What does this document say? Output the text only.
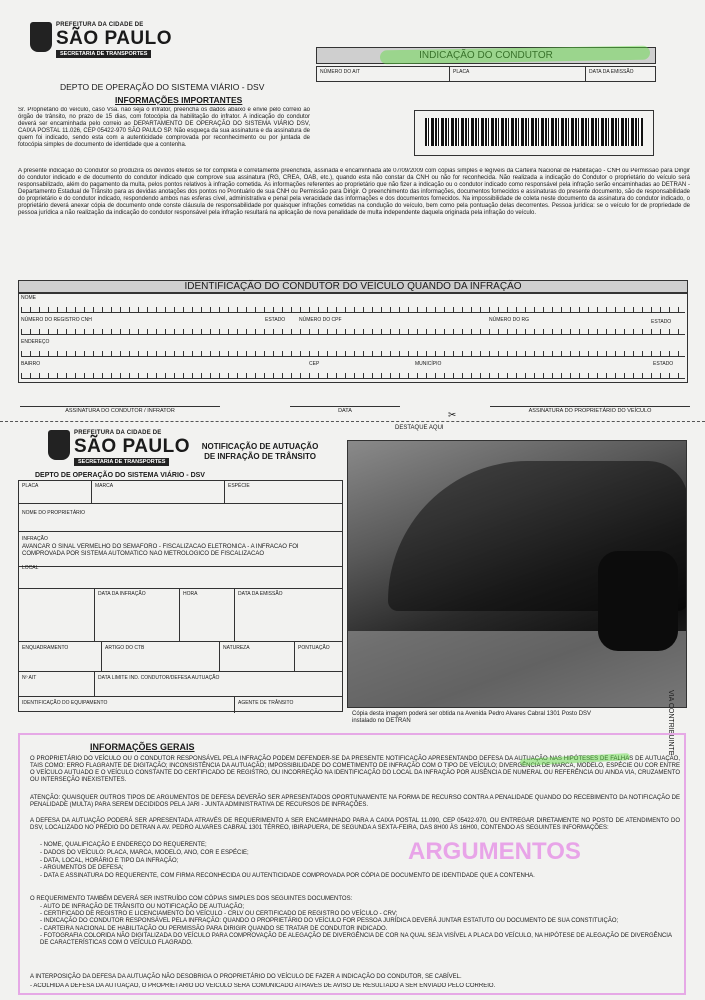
PREFEITURA DA CIDADE DE
SÃO PAULO
SECRETARIA DE TRANSPORTES
DEPTO DE OPERAÇÃO DO SISTEMA VIÁRIO - DSV
INFORMAÇÕES IMPORTANTES
Sr. Proprietário do veículo, caso Vsa. não seja o infrator, preencha os dados abaixo e envie pelo correio ao órgão de trânsito, no prazo de 15 dias, com fotocópia da habilitação do infrator. A indicação do condutor deverá ser encaminhada pelo correio ao DEPARTAMENTO DE OPERAÇÃO DO SISTEMA VIÁRIO DSV, CAIXA POSTAL 11.026, CEP 05422-970 SÃO PAULO SP. Não esqueça da sua assinatura e da assinatura de quem foi indicado, sendo esta com a autenticidade comprovada por reconhecimento ou por juntada de fotocópia simples de documento de identidade que a contenha.
INDICAÇÃO DO CONDUTOR
NÚMERO DO AIT	PLACA	DATA DA EMISSÃO
A presente indicação do Condutor só produzirá os devidos efeitos se for completa e corretamente preenchida, assinada e encaminhada até 07/09/2009 com cópias simples e legíveis da Carteira Nacional de Habilitação - CNH ou Permissão para Dirigir do condutor indicado e de documento do condutor indicado que comprove sua assinatura (RG, CREA, OAB, etc.), quando esta não constar da CNH ou não for reconhecida. Não realizada a indicação do Condutor o proprietário do veículo será responsabilizado, além do pagamento da multa, pelos pontos relativos à infração cometida. As informações referentes ao proprietário que não fizer a indicação ou o condutor indicado como responsável pela infração serão encaminhadas ao DETRAN - Departamento Estadual de Trânsito para as devidas anotações dos pontos no Prontuário de sua CNH ou Permissão para Dirigir. O preenchimento das informações, documentos fornecidos e assinaturas do presente documento, são de responsabilidade do proprietário e do condutor indicado, respondendo ambos nas esferas cível, administrativa e penal pela veracidade das informações e dos documentos fornecidos. Na impossibilidade de coleta neste documento da assinatura do condutor indicado, o proprietário deverá anexar cópia de documento onde conste cláusula de responsabilidade por quaisquer infrações cometidas na condução do veículo, bem como pela pontuação delas decorrentes. Pessoa jurídica: se o veículo for de propriedade de pessoa jurídica a não realização da indicação do condutor responsável pela infração resultará na aplicação de nova penalidade de multa independente daquela originada pela infração do veículo.
IDENTIFICAÇÃO DO CONDUTOR DO VEÍCULO QUANDO DA INFRAÇÃO
NOME
NÚMERO DO REGISTRO CNH	ESTADO	NÚMERO DO CPF	NÚMERO DO RG	ESTADO
ENDEREÇO
BAIRRO	CEP	MUNICÍPIO	ESTADO
ASSINATURA DO CONDUTOR / INFRATOR	DATA	ASSINATURA DO PROPRIETÁRIO DO VEÍCULO
✂
DESTAQUE AQUI
PREFEITURA DA CIDADE DE
SÃO PAULO
SECRETARIA DE TRANSPORTES
NOTIFICAÇÃO DE AUTUAÇÃO DE INFRAÇÃO DE TRÂNSITO
DEPTO DE OPERAÇÃO DO SISTEMA VIÁRIO - DSV
PLACA	MARCA	ESPÉCIE
NOME DO PROPRIETÁRIO
INFRAÇÃO
AVANCAR O SINAL VERMELHO DO SEMAFORO - FISCALIZACAO ELETRONICA - A INFRACAO FOI COMPROVADA POR SISTEMA AUTOMATICO NAO METROLOGICO DE FISCALIZACAO
LOCAL
DATA DA INFRAÇÃO	HORA	DATA DA EMISSÃO
ENQUADRAMENTO	ARTIGO DO CTB	NATUREZA	PONTUAÇÃO
Nº AIT	DATA LIMITE IND. CONDUTOR/DEFESA AUTUAÇÃO
IDENTIFICAÇÃO DO EQUIPAMENTO	AGENTE DE TRÂNSITO
Cópia desta imagem poderá ser obtida na Avenida Pedro Alvares Cabral 1301 Posto DSV instalado no DETRAN	VIA CONTRIBUINTE
INFORMAÇÕES GERAIS
O PROPRIETÁRIO DO VEÍCULO OU O CONDUTOR RESPONSÁVEL PELA INFRAÇÃO PODEM DEFENDER-SE DA PRESENTE NOTIFICAÇÃO APRESENTANDO DEFESA DA AUTUAÇÃO NAS HIPÓTESES DE FALHAS DE AUTUAÇÃO, TAIS COMO: ERRO FLAGRANTE DE DIGITAÇÃO; INCONSISTÊNCIA DA AUTUAÇÃO; IMPOSSIBILIDADE DO COMETIMENTO DE INFRAÇÃO COM O TIPO DE VEÍCULO; DIVERGÊNCIA DE MARCA, MODELO, ESPÉCIE OU COR ENTRE O VEÍCULO AUTUADO E O VEÍCULO CONSTANTE DO CERTIFICADO DE REGISTRO, OU INCORREÇÃO NA IDENTIFICAÇÃO DO LOCAL DA INFRAÇÃO POR AUSÊNCIA DE NUMERAL OU REFERÊNCIA OU AINDA VIA, CRUZAMENTO OU INTERSEÇÃO INEXISTENTES.
ATENÇÃO: QUAISQUER OUTROS TIPOS DE ARGUMENTOS DE DEFESA DEVERÃO SER APRESENTADOS OPORTUNAMENTE NA FORMA DE RECURSO CONTRA A PENALIDADE QUANDO DO RECEBIMENTO DA NOTIFICAÇÃO DE PENALIDADE (MULTA) PARA SEREM DECIDIDOS PELA JARI - JUNTA ADMINISTRATIVA DE RECURSOS DE INFRAÇÕES.
A DEFESA DA AUTUAÇÃO PODERÁ SER APRESENTADA ATRAVÉS DE REQUERIMENTO A SER ENCAMINHADO PARA A CAIXA POSTAL 11.090, CEP 05422-970, OU ENTREGAR DIRETAMENTE NO POSTO DE ATENDIMENTO DO DSV, LOCALIZADO NO PRÉDIO DO DETRAN A AV. PEDRO ALVARES CABRAL 1301 TÉRREO, IBIRAPUERA, DE SEGUNDA A SEXTA-FEIRA, DAS 8H00 ÀS 16H00, CONTENDO AS SEGUINTES INFORMAÇÕES:
- NOME, QUALIFICAÇÃO E ENDEREÇO DO REQUERENTE;
- DADOS DO VEÍCULO: PLACA, MARCA, MODELO, ANO, COR E ESPÉCIE;
- DATA, LOCAL, HORÁRIO E TIPO DA INFRAÇÃO;
- ARGUMENTOS DE DEFESA;
- DATA E ASSINATURA DO REQUERENTE, COM FIRMA RECONHECIDA OU AUTENTICIDADE COMPROVADA POR CÓPIA DE DOCUMENTO DE IDENTIDADE QUE A CONTENHA.
ARGUMENTOS
O REQUERIMENTO TAMBÉM DEVERÁ SER INSTRUÍDO COM CÓPIAS SIMPLES DOS SEGUINTES DOCUMENTOS:
- AUTO DE INFRAÇÃO DE TRÂNSITO OU NOTIFICAÇÃO DE AUTUAÇÃO;
- CERTIFICADO DE REGISTRO E LICENCIAMENTO DO VEÍCULO - CRLV OU CERTIFICADO DE REGISTRO DO VEÍCULO - CRV;
- INDICAÇÃO DO CONDUTOR RESPONSÁVEL PELA INFRAÇÃO: QUANDO O PROPRIETÁRIO DO VEÍCULO FOR PESSOA JURÍDICA DEVERÁ JUNTAR ESTATUTO OU DOCUMENTO DE SUA CONSTITUIÇÃO;
- CARTEIRA NACIONAL DE HABILITAÇÃO OU PERMISSÃO PARA DIRIGIR QUANDO SE TRATAR DE CONDUTOR INDICADO.
- FOTOGRAFIA COLORIDA NÃO DIGITALIZADA DO VEÍCULO PARA COMPROVAÇÃO DE ALEGAÇÃO DE DIVERGÊNCIA DE COR NA QUAL SEJA VISÍVEL A PLACA DO VEÍCULO, NA HIPÓTESE DE ALEGAÇÃO DE DIVERGÊNCIA DE CARACTERÍSTICAS COM O VEÍCULO FLAGRADO.
A INTERPOSIÇÃO DA DEFESA DA AUTUAÇÃO NÃO DESOBRIGA O PROPRIETÁRIO DO VEÍCULO DE FAZER A INDICAÇÃO DO CONDUTOR, SE CABÍVEL.
- ACOLHIDA A DEFESA DA AUTUAÇÃO, O PROPRIETÁRIO DO VEÍCULO SERÁ COMUNICADO ATRAVÉS DE AVISO DE RESULTADO A SER ENVIADO PELO CORREIO.
